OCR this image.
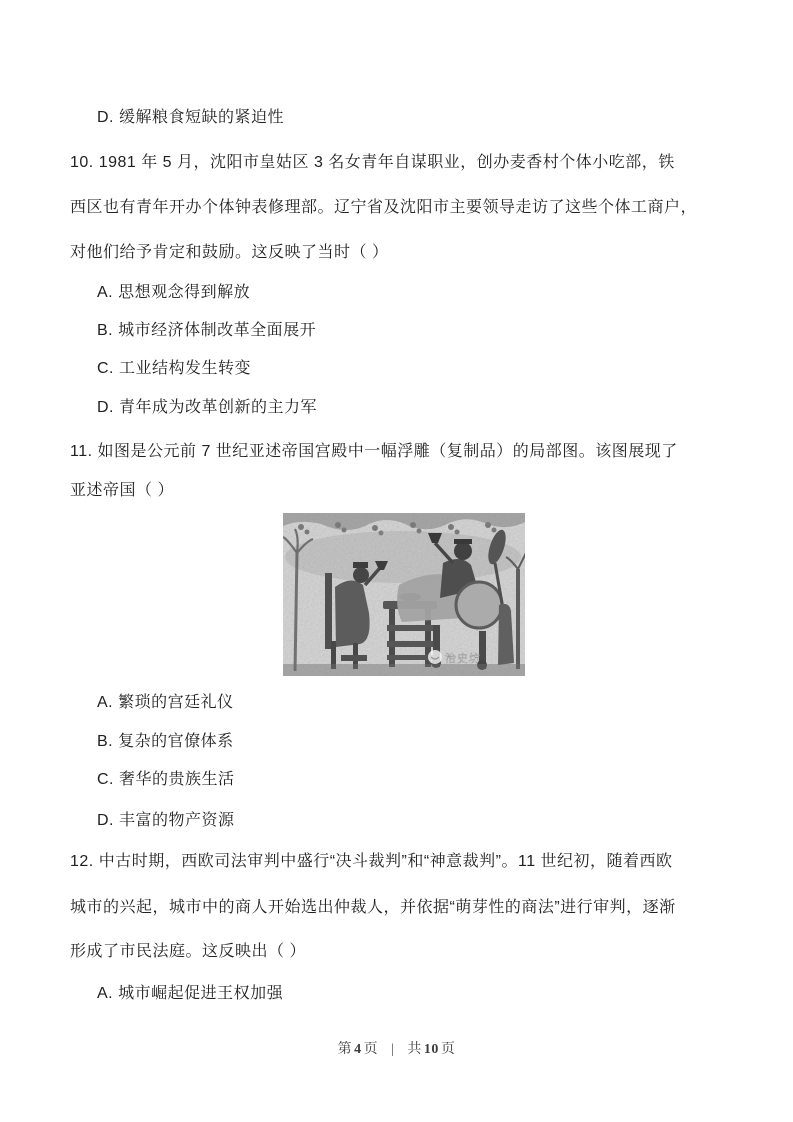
D. 缓解粮食短缺的紧迫性
10. 1981 年 5 月，沈阳市皇姑区 3 名女青年自谋职业，创办麦香村个体小吃部，铁
西区也有青年开办个体钟表修理部。辽宁省及沈阳市主要领导走访了这些个体工商户，
对他们给予肯定和鼓励。这反映了当时（ ）
A. 思想观念得到解放
B. 城市经济体制改革全面展开
C. 工业结构发生转变
D. 青年成为改革创新的主力军
11. 如图是公元前 7 世纪亚述帝国宫殿中一幅浮雕（复制品）的局部图。该图展现了
亚述帝国（ ）
治史坊
A. 繁琐的宫廷礼仪
B. 复杂的官僚体系
C. 奢华的贵族生活
D. 丰富的物产资源
12. 中古时期，西欧司法审判中盛行“决斗裁判”和“神意裁判”。11 世纪初，随着西欧
城市的兴起，城市中的商人开始选出仲裁人，并依据“萌芽性的商法”进行审判，逐渐
形成了市民法庭。这反映出（ ）
A. 城市崛起促进王权加强
第 4 页 | 共 10 页
